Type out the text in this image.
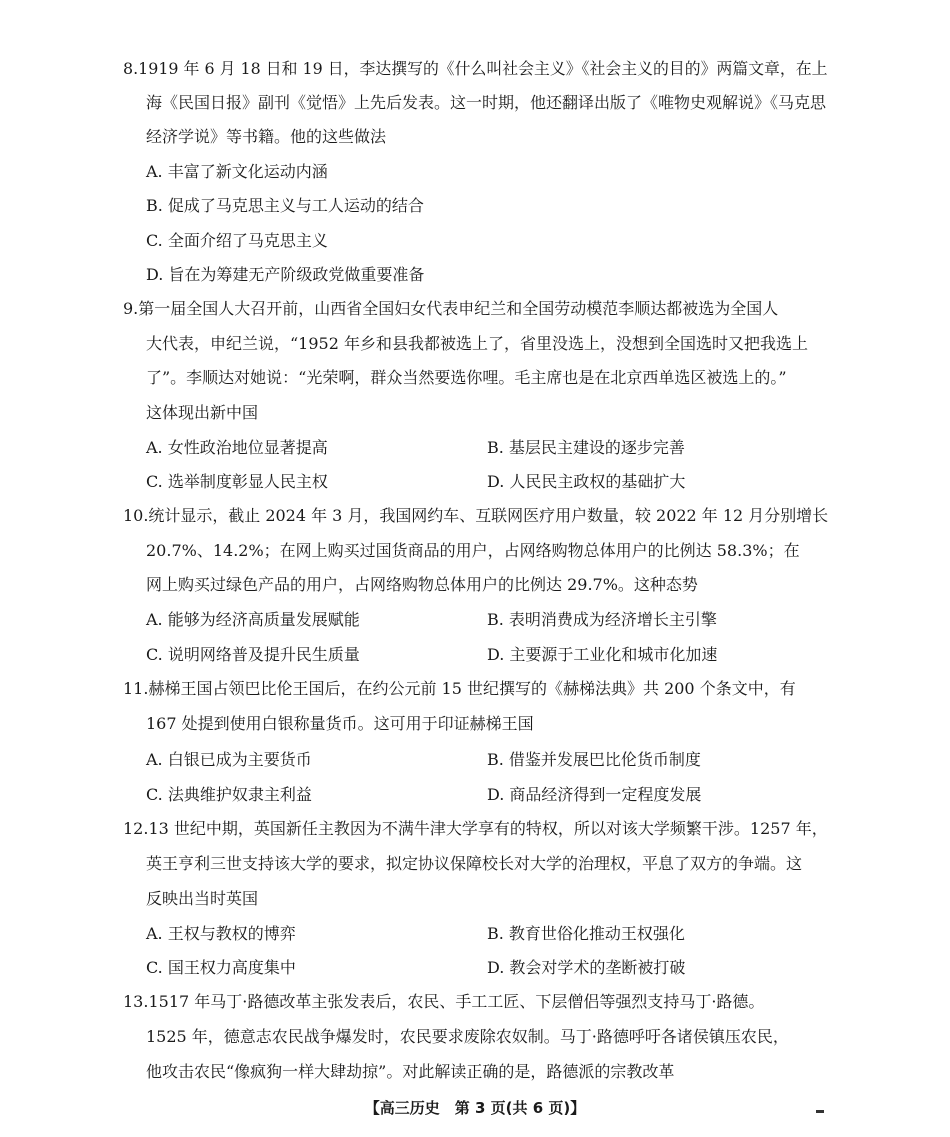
8.1919 年 6 月 18 日和 19 日，李达撰写的《什么叫社会主义》《社会主义的目的》两篇文章，在上
海《民国日报》副刊《觉悟》上先后发表。这一时期，他还翻译出版了《唯物史观解说》《马克思
经济学说》等书籍。他的这些做法
A. 丰富了新文化运动内涵
B. 促成了马克思主义与工人运动的结合
C. 全面介绍了马克思主义
D. 旨在为筹建无产阶级政党做重要准备
9.第一届全国人大召开前，山西省全国妇女代表申纪兰和全国劳动模范李顺达都被选为全国人
大代表，申纪兰说，“1952 年乡和县我都被选上了，省里没选上，没想到全国选时又把我选上
了”。李顺达对她说：“光荣啊，群众当然要选你哩。毛主席也是在北京西单选区被选上的。”
这体现出新中国
A. 女性政治地位显著提高	B. 基层民主建设的逐步完善
C. 选举制度彰显人民主权	D. 人民民主政权的基础扩大
10.统计显示，截止 2024 年 3 月，我国网约车、互联网医疗用户数量，较 2022 年 12 月分别增长
20.7%、14.2%；在网上购买过国货商品的用户，占网络购物总体用户的比例达 58.3%；在
网上购买过绿色产品的用户，占网络购物总体用户的比例达 29.7%。这种态势
A. 能够为经济高质量发展赋能	B. 表明消费成为经济增长主引擎
C. 说明网络普及提升民生质量	D. 主要源于工业化和城市化加速
11.赫梯王国占领巴比伦王国后，在约公元前 15 世纪撰写的《赫梯法典》共 200 个条文中，有
167 处提到使用白银称量货币。这可用于印证赫梯王国
A. 白银已成为主要货币	B. 借鉴并发展巴比伦货币制度
C. 法典维护奴隶主利益	D. 商品经济得到一定程度发展
12.13 世纪中期，英国新任主教因为不满牛津大学享有的特权，所以对该大学频繁干涉。1257 年，
英王亨利三世支持该大学的要求，拟定协议保障校长对大学的治理权，平息了双方的争端。这
反映出当时英国
A. 王权与教权的博弈	B. 教育世俗化推动王权强化
C. 国王权力高度集中	D. 教会对学术的垄断被打破
13.1517 年马丁·路德改革主张发表后，农民、手工工匠、下层僧侣等强烈支持马丁·路德。
1525 年，德意志农民战争爆发时，农民要求废除农奴制。马丁·路德呼吁各诸侯镇压农民，
他攻击农民“像疯狗一样大肆劫掠”。对此解读正确的是，路德派的宗教改革
【高三历史　第 3 页(共 6 页)】
